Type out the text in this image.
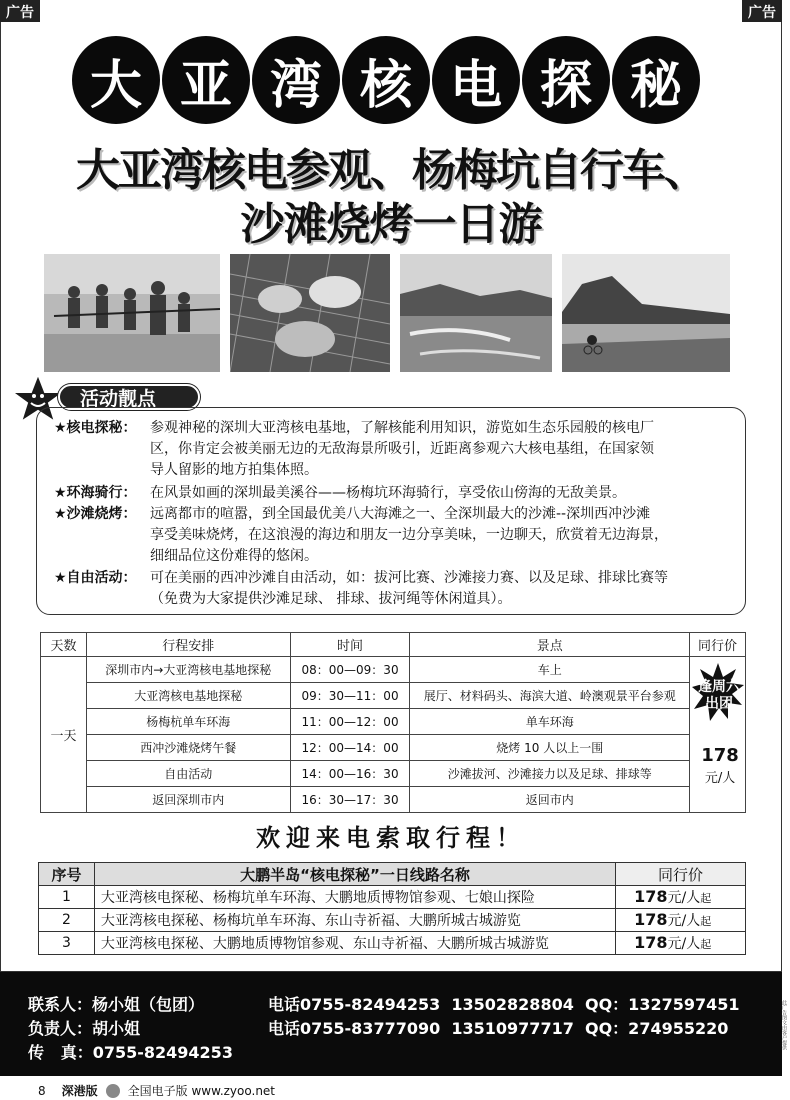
广告	广告
大 亚 湾 核 电 探 秘
大亚湾核电参观、杨梅坑自行车、
沙滩烧烤一日游
活动靓点
★核电探秘： 参观神秘的深圳大亚湾核电基地，了解核能利用知识，游览如生态乐园般的核电厂
区，你肯定会被美丽无边的无敌海景所吸引，近距离参观六大核电基组，在国家领
导人留影的地方拍集体照。
★环海骑行： 在风景如画的深圳最美溪谷——杨梅坑环海骑行，享受依山傍海的无敌美景。
★沙滩烧烤： 远离都市的喧嚣，到全国最优美八大海滩之一、全深圳最大的沙滩--深圳西冲沙滩
享受美味烧烤，在这浪漫的海边和朋友一边分享美味，一边聊天，欣赏着无边海景，
细细品位这份难得的悠闲。
★自由活动： 可在美丽的西冲沙滩自由活动，如：拔河比赛、沙滩接力赛、以及足球、排球比赛等
（免费为大家提供沙滩足球、 排球、拔河绳等休闲道具）。
天数	行程安排	时间	景点	同行价
一天	深圳市内→大亚湾核电基地探秘	08：00—09：30	车上	逢周六
出团
178
元/人

	大亚湾核电基地探秘	09：30—11：00	展厅、材料码头、海滨大道、岭澳观景平台参观	
	杨梅杭单车环海	11：00—12：00	单车环海	
	西冲沙滩烧烤午餐	12：00—14：00	烧烤 10 人以上一围	
	自由活动	14：00—16：30	沙滩拔河、沙滩接力以及足球、排球等	
	返回深圳市内	16：30—17：30	返回市内	
欢迎来电索取行程！
序号	大鹏半岛“核电探秘”一日线路名称	同行价
1	大亚湾核电探秘、杨梅坑单车环海、大鹏地质博物馆参观、七娘山探险	178元/人起
2	大亚湾核电探秘、杨梅坑单车环海、东山寺祈福、大鹏所城古城游览	178元/人起
3	大亚湾核电探秘、大鹏地质博物馆参观、东山寺祈福、大鹏所城古城游览	178元/人起
联系人：杨小姐（包团）	电话0755-82494253  13502828804  QQ：1327597451
负责人：胡小姐	电话0755-83777090  13510977717  QQ：274955220
传   真：0755-82494253
此广告图文由客户提供
8 深港版	全国电子版 www.zyoo.net
